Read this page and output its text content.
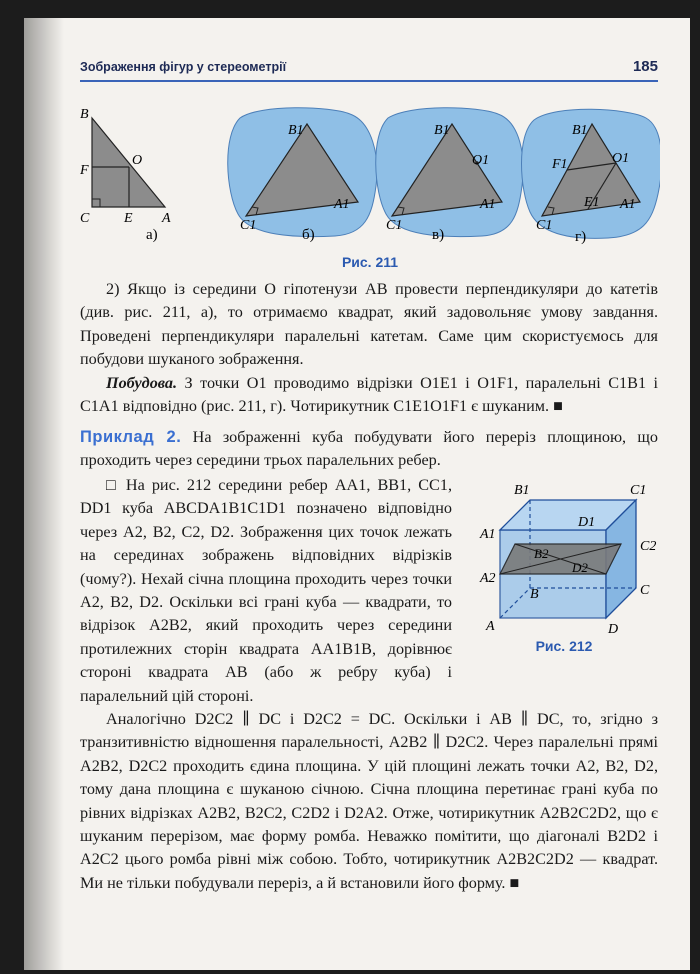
Зображення фігур у стереометрії	185
B
O
F
C E A
а)
B1
C1
A1
б)
B1
O1
C1
A1
в)
B1
O1
F1
E1
C1
A1
г)
Рис. 211

2) Якщо із середини O гіпотенузи AB провести перпендикуляри до катетів (див. рис. 211, а), то отримаємо квадрат, який задовольняє умову завдання. Проведені перпендикуляри паралельні катетам. Саме цим скористуємось для побудови шуканого зображення.

Побудова. З точки O1 проводимо відрізки O1E1 і O1F1, паралельні C1B1 і C1A1 відповідно (рис. 211, г). Чотирикутник C1E1O1F1 є шуканим. ■

Приклад 2. На зображенні куба побудувати його переріз площиною, що проходить через середини трьох паралельних ребер.

□ На рис. 212 середини ребер AA1, BB1, CC1, DD1 куба ABCDA1B1C1D1 позначено відповідно через A2, B2, C2, D2. Зображення цих точок лежать на серединах зображень відповідних відрізків (чому?). Нехай січна площина проходить через точки A2, B2, D2. Оскільки всі грані куба — квадрати, то відрізок A2B2, який проходить через середини протилежних сторін квадрата AA1B1B, дорівнює стороні квадрата AB (або ж ребру куба) і паралельний цій стороні.

B1	C1
A1
D1
C2
B2
D2
A2
B	C
A	D
Рис. 212

Аналогічно D2C2 ∥ DC і D2C2 = DC. Оскільки і AB ∥ DC, то, згідно з транзитивністю відношення паралельності, A2B2 ∥ D2C2. Через паралельні прямі A2B2, D2C2 проходить єдина площина. У цій площині лежать точки A2, B2, D2, тому дана площина є шуканою січною. Січна площина перетинає грані куба по рівних відрізках A2B2, B2C2, C2D2 і D2A2. Отже, чотирикутник A2B2C2D2, що є шуканим перерізом, має форму ромба. Неважко помітити, що діагоналі B2D2 і A2C2 цього ромба рівні між собою. Тобто, чотирикутник A2B2C2D2 — квадрат. Ми не тільки побудували переріз, а й встановили його форму. ■
